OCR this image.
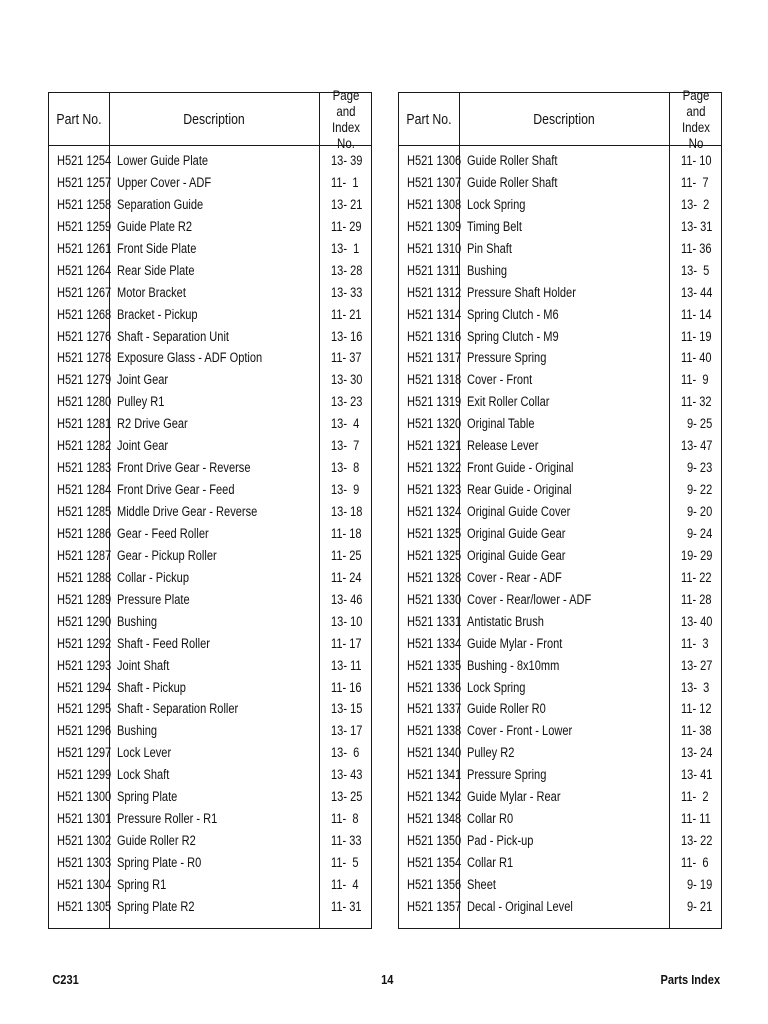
Part No.	Description
Page and
Index No.
H521 1254 Lower Guide Plate	13- 39
H521 1257 Upper Cover - ADF	11-  1
H521 1258 Separation Guide	13- 21
H521 1259 Guide Plate R2	11- 29
H521 1261 Front Side Plate	13-  1
H521 1264 Rear Side Plate	13- 28
H521 1267 Motor Bracket	13- 33
H521 1268 Bracket - Pickup	11- 21
H521 1276 Shaft - Separation Unit	13- 16
H521 1278 Exposure Glass - ADF Option	11- 37
H521 1279 Joint Gear	13- 30
H521 1280 Pulley R1	13- 23
H521 1281 R2 Drive Gear	13-  4
H521 1282 Joint Gear	13-  7
H521 1283 Front Drive Gear - Reverse	13-  8
H521 1284 Front Drive Gear - Feed	13-  9
H521 1285 Middle Drive Gear - Reverse	13- 18
H521 1286 Gear - Feed Roller	11- 18
H521 1287 Gear - Pickup Roller	11- 25
H521 1288 Collar - Pickup	11- 24
H521 1289 Pressure Plate	13- 46
H521 1290 Bushing	13- 10
H521 1292 Shaft - Feed Roller	11- 17
H521 1293 Joint Shaft	13- 11
H521 1294 Shaft - Pickup	11- 16
H521 1295 Shaft - Separation Roller	13- 15
H521 1296 Bushing	13- 17
H521 1297 Lock Lever	13-  6
H521 1299 Lock Shaft	13- 43
H521 1300 Spring Plate	13- 25
H521 1301 Pressure Roller - R1	11-  8
H521 1302 Guide Roller R2	11- 33
H521 1303 Spring Plate - R0	11-  5
H521 1304 Spring R1	11-  4
H521 1305 Spring Plate R2	11- 31
Part No.	Description
Page and
Index No
H521 1306 Guide Roller Shaft	11- 10
H521 1307 Guide Roller Shaft	11-  7
H521 1308 Lock Spring	13-  2
H521 1309 Timing Belt	13- 31
H521 1310 Pin Shaft	11- 36
H521 1311 Bushing	13-  5
H521 1312 Pressure Shaft Holder	13- 44
H521 1314 Spring Clutch - M6	11- 14
H521 1316 Spring Clutch - M9	11- 19
H521 1317 Pressure Spring	11- 40
H521 1318 Cover - Front	11-  9
H521 1319 Exit Roller Collar	11- 32
H521 1320 Original Table	9- 25
H521 1321 Release Lever	13- 47
H521 1322 Front Guide - Original	9- 23
H521 1323 Rear Guide - Original	9- 22
H521 1324 Original Guide Cover	9- 20
H521 1325 Original Guide Gear	9- 24
H521 1325 Original Guide Gear	19- 29
H521 1328 Cover - Rear - ADF	11- 22
H521 1330 Cover - Rear/lower - ADF	11- 28
H521 1331 Antistatic Brush	13- 40
H521 1334 Guide Mylar - Front	11-  3
H521 1335 Bushing - 8x10mm	13- 27
H521 1336 Lock Spring	13-  3
H521 1337 Guide Roller R0	11- 12
H521 1338 Cover - Front - Lower	11- 38
H521 1340 Pulley R2	13- 24
H521 1341 Pressure Spring	13- 41
H521 1342 Guide Mylar - Rear	11-  2
H521 1348 Collar R0	11- 11
H521 1350 Pad - Pick-up	13- 22
H521 1354 Collar R1	11-  6
H521 1356 Sheet	9- 19
H521 1357 Decal - Original Level	9- 21
C231	14	Parts Index
